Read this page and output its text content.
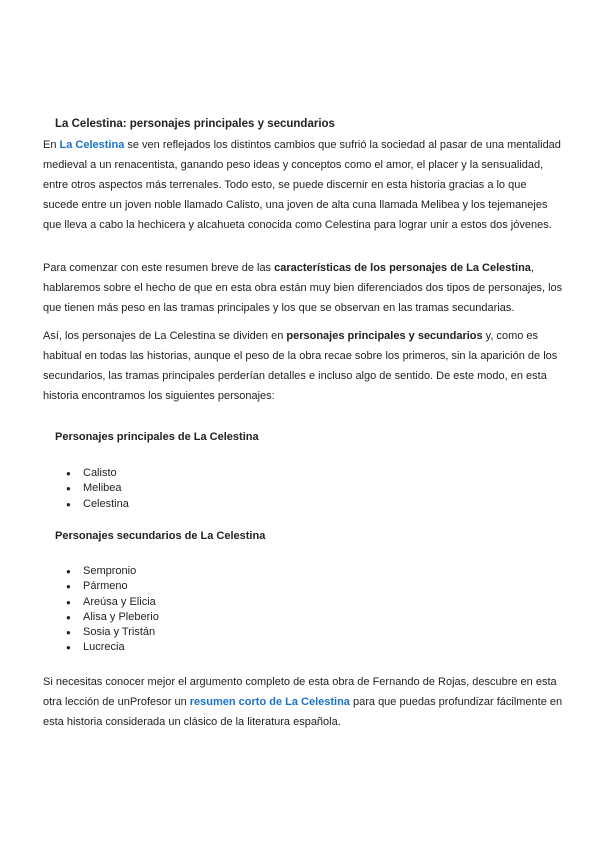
La Celestina: personajes principales y secundarios

En La Celestina se ven reflejados los distintos cambios que sufrió la sociedad al pasar de una mentalidad medieval a un renacentista, ganando peso ideas y conceptos como el amor, el placer y la sensualidad, entre otros aspectos más terrenales. Todo esto, se puede discernir en esta historia gracias a lo que sucede entre un joven noble llamado Calisto, una joven de alta cuna llamada Melibea y los tejemanejes que lleva a cabo la hechicera y alcahueta conocida como Celestina para lograr unir a estos dos jóvenes.

Para comenzar con este resumen breve de las características de los personajes de La Celestina, hablaremos sobre el hecho de que en esta obra están muy bien diferenciados dos tipos de personajes, los que tienen más peso en las tramas principales y los que se observan en las tramas secundarias.

Así, los personajes de La Celestina se dividen en personajes principales y secundarios y, como es habitual en todas las historias, aunque el peso de la obra recae sobre los primeros, sin la aparición de los secundarios, las tramas principales perderían detalles e incluso algo de sentido. De este modo, en esta historia encontramos los siguientes personajes:

Personajes principales de La Celestina
● Calisto
● Melibea
● Celestina
Personajes secundarios de La Celestina
● Sempronio
● Pármeno
● Areúsa y Elicia
● Alisa y Pleberio
● Sosia y Tristán
● Lucrecia

Si necesitas conocer mejor el argumento completo de esta obra de Fernando de Rojas, descubre en esta otra lección de unProfesor un resumen corto de La Celestina para que puedas profundizar fácilmente en esta historia considerada un clásico de la literatura española.
